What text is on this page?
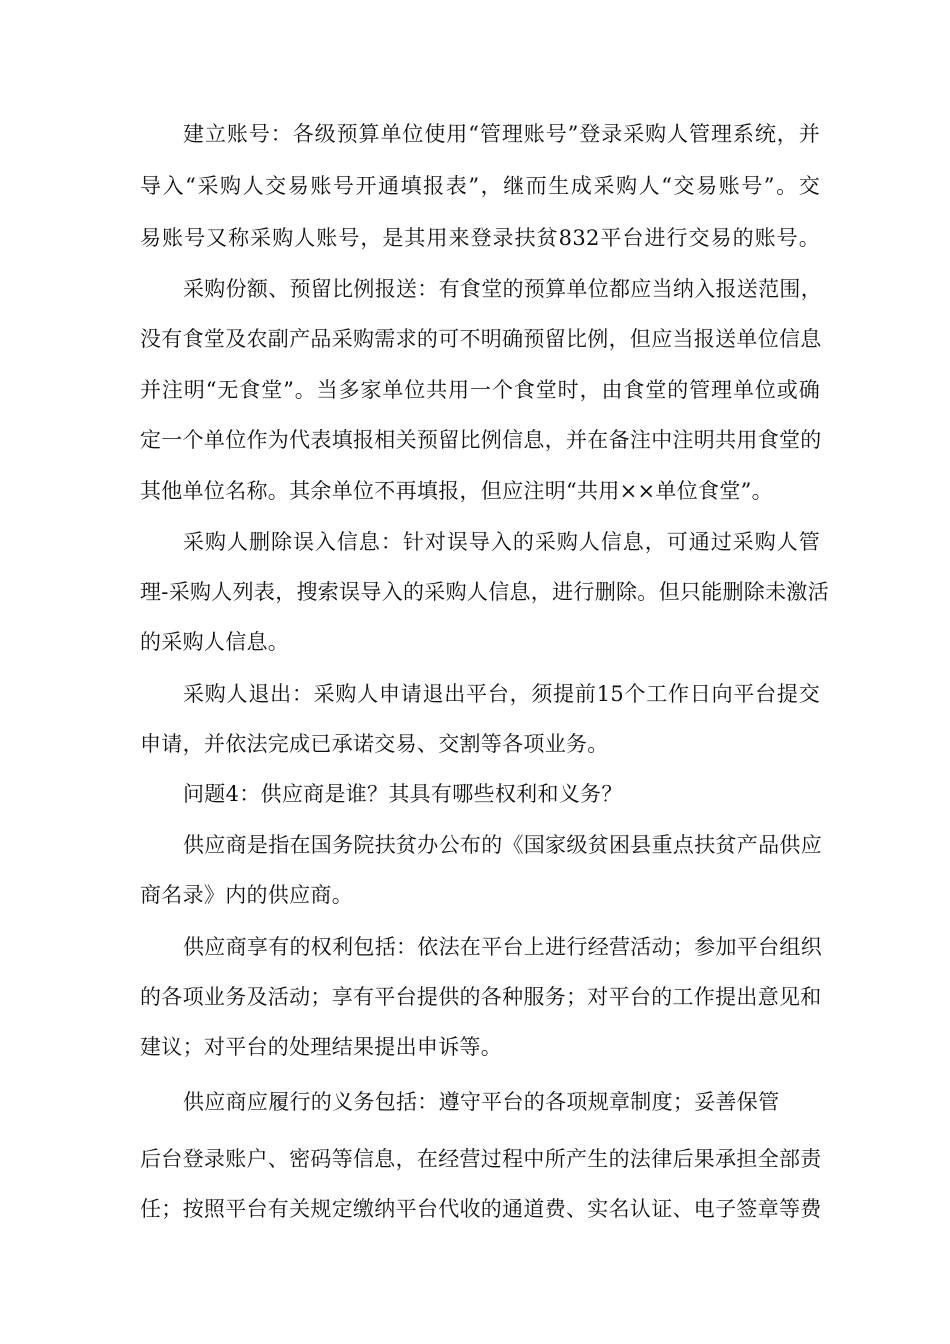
建立账号：各级预算单位使用“管理账号”登录采购人管理系统，并
导入“采购人交易账号开通填报表”，继而生成采购人“交易账号”。交
易账号又称采购人账号，是其用来登录扶贫832平台进行交易的账号。
采购份额、预留比例报送：有食堂的预算单位都应当纳入报送范围，
没有食堂及农副产品采购需求的可不明确预留比例，但应当报送单位信息
并注明“无食堂”。当多家单位共用一个食堂时，由食堂的管理单位或确
定一个单位作为代表填报相关预留比例信息，并在备注中注明共用食堂的
其他单位名称。其余单位不再填报，但应注明“共用××单位食堂”。
采购人删除误入信息：针对误导入的采购人信息，可通过采购人管
理-采购人列表，搜索误导入的采购人信息，进行删除。但只能删除未激活
的采购人信息。
采购人退出：采购人申请退出平台，须提前15个工作日向平台提交
申请，并依法完成已承诺交易、交割等各项业务。
问题4：供应商是谁？其具有哪些权利和义务？
供应商是指在国务院扶贫办公布的《国家级贫困县重点扶贫产品供应
商名录》内的供应商。
供应商享有的权利包括：依法在平台上进行经营活动；参加平台组织
的各项业务及活动；享有平台提供的各种服务；对平台的工作提出意见和
建议；对平台的处理结果提出申诉等。
供应商应履行的义务包括：遵守平台的各项规章制度；妥善保管
后台登录账户、密码等信息，在经营过程中所产生的法律后果承担全部责
任；按照平台有关规定缴纳平台代收的通道费、实名认证、电子签章等费
